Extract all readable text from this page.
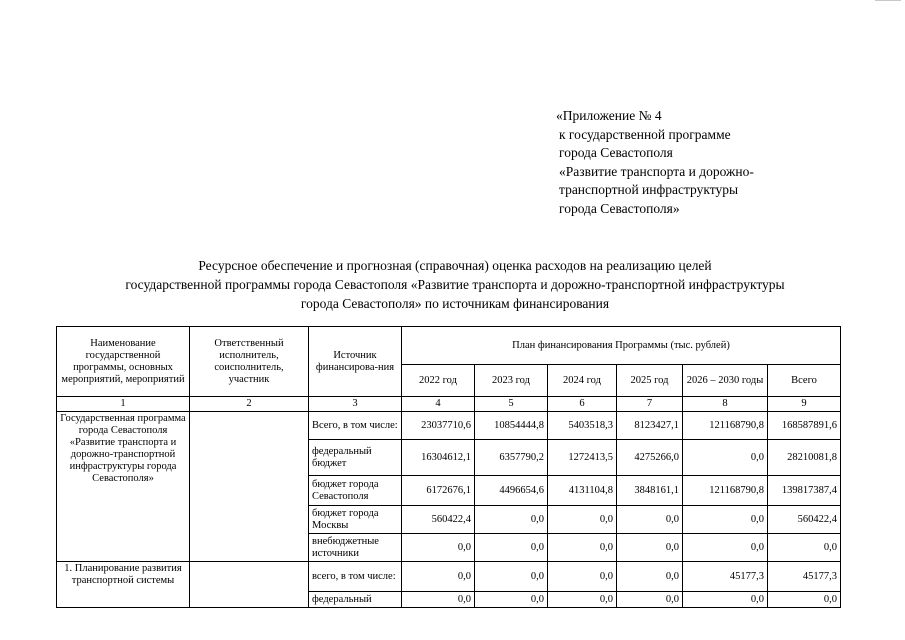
«Приложение № 4
к государственной программе
города Севастополя
«Развитие транспорта и дорожно-
транспортной инфраструктуры
города Севастополя»
Ресурсное обеспечение и прогнозная (справочная) оценка расходов на реализацию целей
государственной программы города Севастополя «Развитие транспорта и дорожно-транспортной инфраструктуры
города Севастополя» по источникам финансирования
Наименование государственной программы, основных мероприятий, мероприятий	Ответственный исполнитель, соисполнитель, участник	Источник финансирова-ния	План финансирования Программы (тыс. рублей)					
			2022 год	2023 год	2024 год	2025 год	2026 – 2030 годы	Всего
1	2	3	4	5	6	7	8	9
Государственная программа города Севастополя «Развитие транспорта и дорожно-транспортной инфраструктуры города Севастополя»		Всего, в том числе:	23037710,6	10854444,8	5403518,3	8123427,1	121168790,8	168587891,6
		федеральный бюджет	16304612,1	6357790,2	1272413,5	4275266,0	0,0	28210081,8
		бюджет города Севастополя	6172676,1	4496654,6	4131104,8	3848161,1	121168790,8	139817387,4
		бюджет города Москвы	560422,4	0,0	0,0	0,0	0,0	560422,4
		внебюджетные источники	0,0	0,0	0,0	0,0	0,0	0,0
1. Планирование развития транспортной системы		всего, в том числе:	0,0	0,0	0,0	0,0	45177,3	45177,3
		федеральный	0,0	0,0	0,0	0,0	0,0	0,0
